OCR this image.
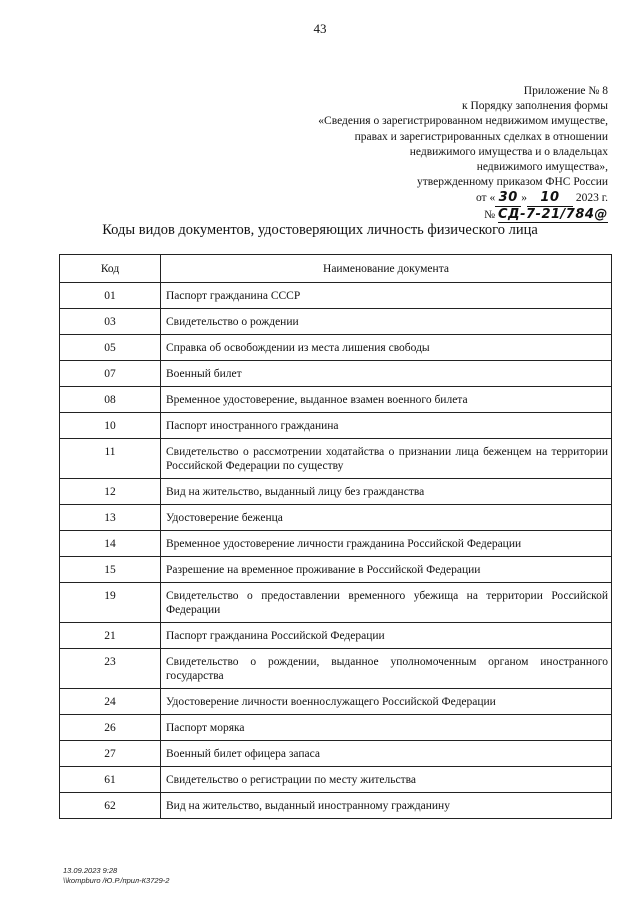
43
Приложение № 8
к Порядку заполнения формы
«Сведения о зарегистрированном недвижимом имуществе,
правах и зарегистрированных сделках в отношении
недвижимого имущества и о владельцах
недвижимого имущества»,
утвержденному приказом ФНС России
от « 30 » 10 2023 г.
№ СД-7-21/784@
Коды видов документов, удостоверяющих личность физического лица
Код	Наименование документа
01	Паспорт гражданина СССР
03	Свидетельство о рождении
05	Справка об освобождении из места лишения свободы
07	Военный билет
08	Временное удостоверение, выданное взамен военного билета
10	Паспорт иностранного гражданина
11	Свидетельство о рассмотрении ходатайства о признании лица беженцем на территории Российской Федерации по существу
12	Вид на жительство, выданный лицу без гражданства
13	Удостоверение беженца
14	Временное удостоверение личности гражданина Российской Федерации
15	Разрешение на временное проживание в Российской Федерации
19	Свидетельство о предоставлении временного убежища на территории Российской Федерации
21	Паспорт гражданина Российской Федерации
23	Свидетельство о рождении, выданное уполномоченным органом иностранного государства
24	Удостоверение личности военнослужащего Российской Федерации
26	Паспорт моряка
27	Военный билет офицера запаса
61	Свидетельство о регистрации по месту жительства
62	Вид на жительство, выданный иностранному гражданину
13.09.2023 9:28
\\kompburo /Ю.Р./прил-К3729-2
